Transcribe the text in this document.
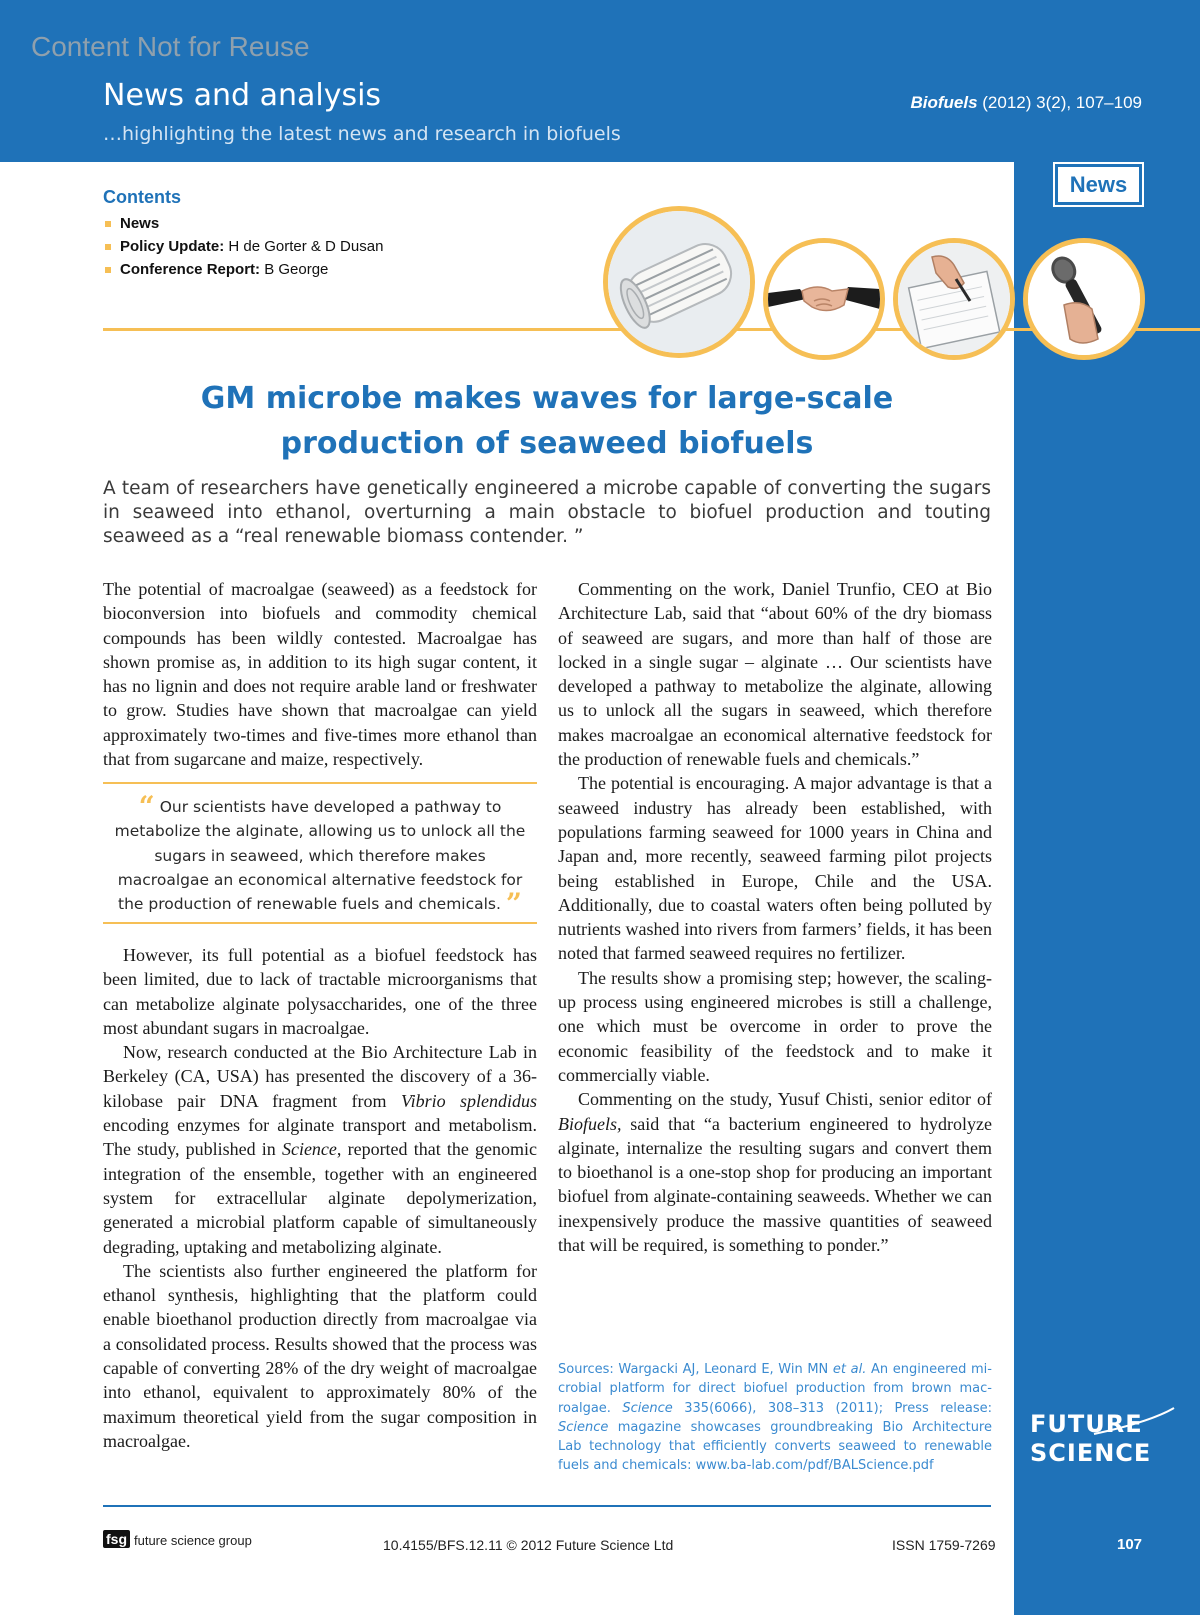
Content Not for Reuse
News and analysis
…highlighting the latest news and research in biofuels
Biofuels (2012) 3(2), 107–109
News
Contents
News
Policy Update: H de Gorter & D Dusan
Conference Report: B George
GM microbe makes waves for large-scale
production of seaweed biofuels
A team of researchers have genetically engineered a microbe capable of converting the sugars in seaweed into ethanol, overturning a main obstacle to biofuel production and touting seaweed as a “real renewable biomass contender. ”

The potential of macroalgae (seaweed) as a feedstock for bioconversion into biofuels and commodity chemical compounds has been wildly contested. Macroalgae has shown promise as, in addition to its high sugar content, it has no lignin and does not require arable land or freshwater to grow. Studies have shown that macroalgae can yield approximately two-times and five-times more ethanol than that from sugarcane and maize, respectively.

“ Our scientists have developed a pathway to metabolize the alginate, allowing us to unlock all the sugars in seaweed, which therefore makes macroalgae an economical alternative feedstock for the production of renewable fuels and chemicals. ”

However, its full potential as a biofuel feedstock has been limited, due to lack of tractable microorganisms that can metabolize alginate polysaccharides, one of the three most abundant sugars in macroalgae.

Now, research conducted at the Bio Architecture Lab in Berkeley (CA, USA) has presented the discovery of a 36-kilobase pair DNA fragment from Vibrio splendidus encoding enzymes for alginate transport and metabolism. The study, published in Science, reported that the genomic integration of the ensemble, together with an engineered system for extracellular alginate depolymerization, generated a microbial platform capable of simultaneously degrading, uptaking and metabolizing alginate.

The scientists also further engineered the platform for ethanol synthesis, highlighting that the platform could enable bioethanol production directly from macroalgae via a consolidated process. Results showed that the process was capable of converting 28% of the dry weight of macroalgae into ethanol, equivalent to approximately 80% of the maximum theoretical yield from the sugar composition in macroalgae.

Commenting on the work, Daniel Trunfio, CEO at Bio Architecture Lab, said that “about 60% of the dry biomass of seaweed are sugars, and more than half of those are locked in a single sugar – alginate … Our scientists have developed a pathway to metabolize the alginate, allowing us to unlock all the sugars in seaweed, which therefore makes macroalgae an economical alternative feedstock for the production of renewable fuels and chemicals.”

The potential is encouraging. A major advantage is that a seaweed industry has already been established, with populations farming seaweed for 1000 years in China and Japan and, more recently, seaweed farming pilot projects being established in Europe, Chile and the USA. Additionally, due to coastal waters often being polluted by nutrients washed into rivers from farmers’ fields, it has been noted that farmed seaweed requires no fertilizer.

The results show a promising step; however, the scaling-up process using engineered microbes is still a challenge, one which must be overcome in order to prove the economic feasibility of the feedstock and to make it commercially viable.

Commenting on the study, Yusuf Chisti, senior editor of Biofuels, said that “a bacterium engineered to hydrolyze alginate, internalize the resulting sugars and convert them to bioethanol is a one-stop shop for producing an important biofuel from alginate-containing seaweeds. Whether we can inexpensively produce the massive quantities of seaweed that will be required, is something to ponder.”

Sources: Wargacki AJ, Leonard E, Win MN et al. An engineered microbial platform for direct biofuel production from brown macroalgae. Science 335(6066), 308–313 (2011); Press release: Science magazine showcases groundbreaking Bio Architecture Lab technology that efficiently converts seaweed to renewable fuels and chemicals: www.ba-lab.com/pdf/BALScience.pdf
FUTURE
SCIENCE
fsg future science group	10.4155/BFS.12.11 © 2012 Future Science Ltd	ISSN 1759-7269	107
